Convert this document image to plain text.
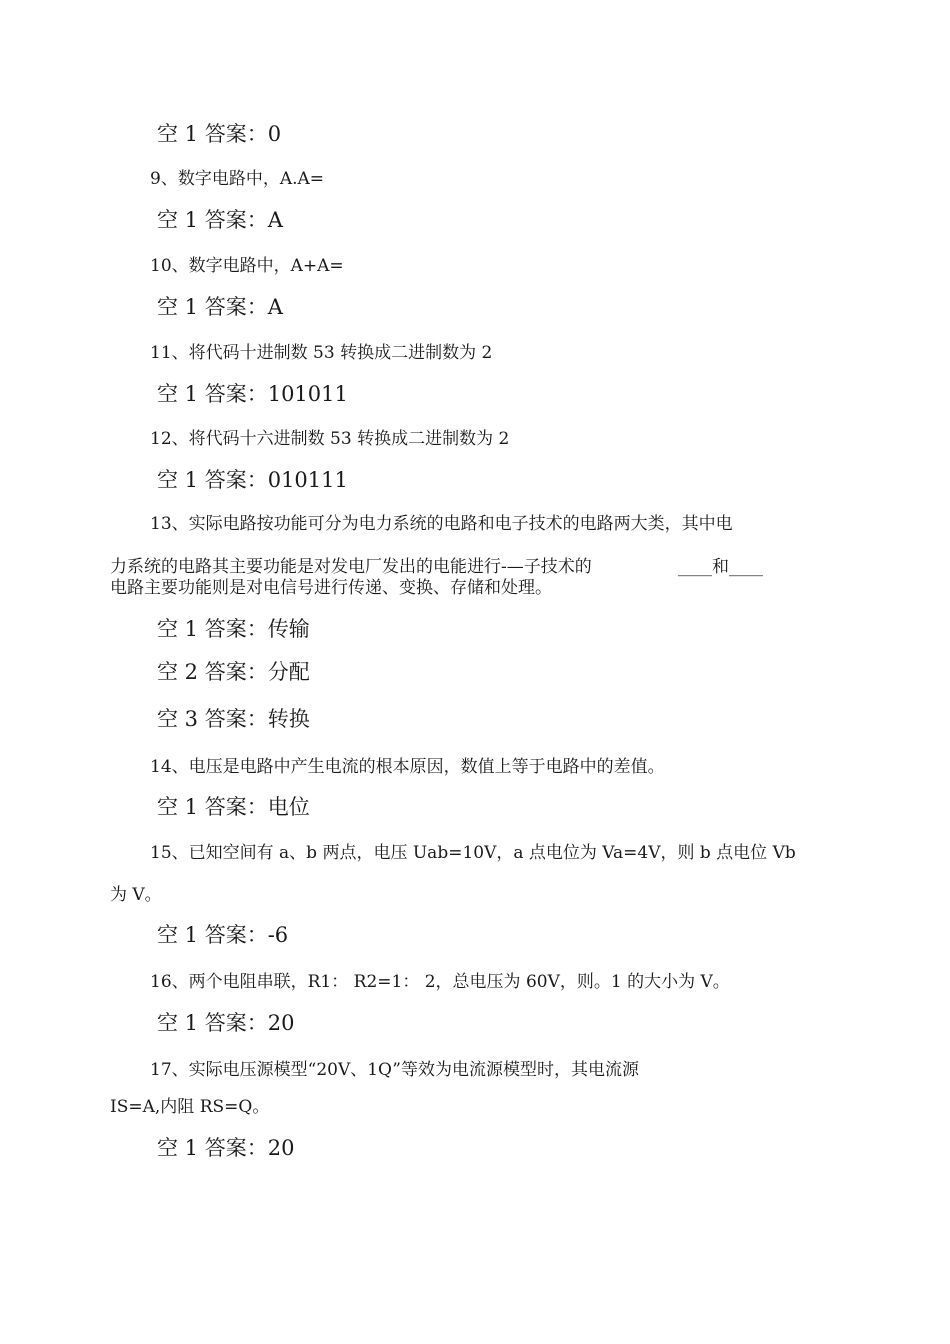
空 1 答案：0
9、数字电路中，A.A=
空 1 答案：A
10、数字电路中，A+A=
空 1 答案：A
11、将代码十进制数 53 转换成二进制数为 2
空 1 答案：101011
12、将代码十六进制数 53 转换成二进制数为 2
空 1 答案：010111
13、实际电路按功能可分为电力系统的电路和电子技术的电路两大类，其中电
力系统的电路其主要功能是对发电厂发出的电能进行-—子技术的	____和____
电路主要功能则是对电信号进行传递、变换、存储和处理。
空 1 答案：传输
空 2 答案：分配
空 3 答案：转换
14、电压是电路中产生电流的根本原因，数值上等于电路中的差值。
空 1 答案：电位
15、已知空间有 a、b 两点，电压 Uab=10V，a 点电位为 Va=4V，则 b 点电位 Vb
为 V。
空 1 答案：-6
16、两个电阻串联，R1： R2=1： 2，总电压为 60V，则。1 的大小为 V。
空 1 答案：20
17、实际电压源模型“20V、1Q”等效为电流源模型时，其电流源
IS=A,内阻 RS=Q。
空 1 答案：20
